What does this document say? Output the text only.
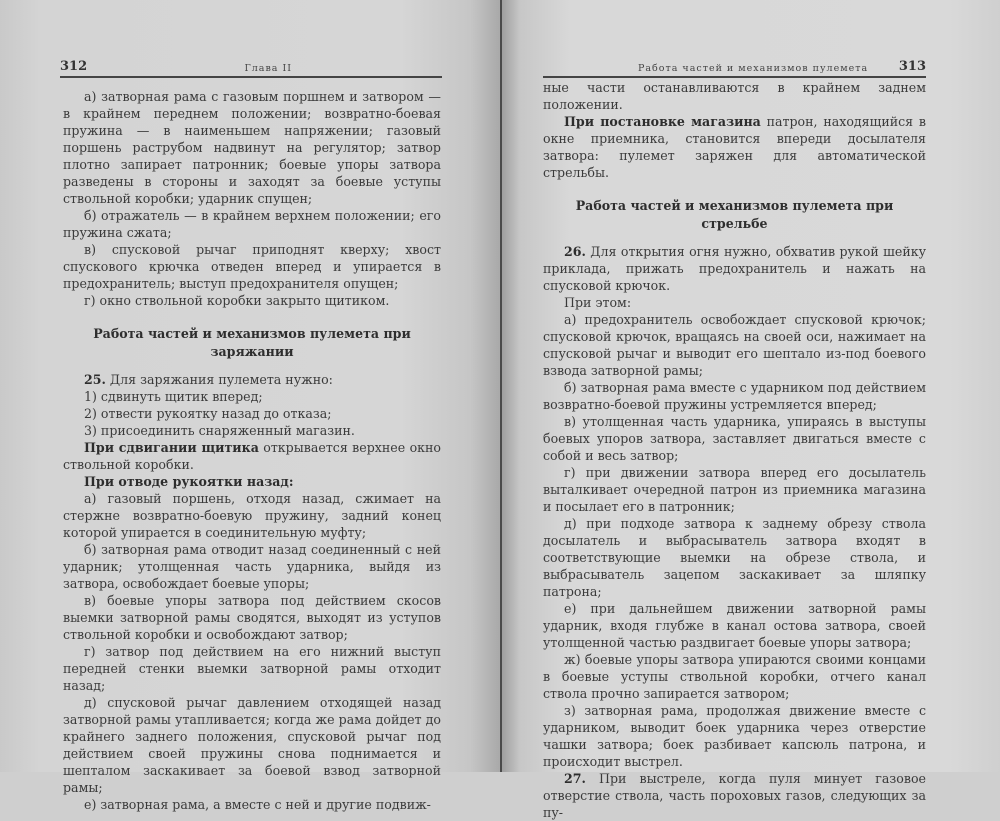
312	Глава II

а) затворная рама с газовым поршнем и затвором — в крайнем переднем положении; возвратно-боевая пружина — в наименьшем напряжении; газовый поршень раструбом надвинут на регулятор; затвор плотно запирает патронник; боевые упоры затвора разведены в стороны и заходят за боевые уступы ствольной коробки; ударник спущен;

б) отражатель — в крайнем верхнем положении; его пружина сжата;

в) спусковой рычаг приподнят кверху; хвост спускового крючка отведен вперед и упирается в предохранитель; выступ предохранителя опущен;

г) окно ствольной коробки закрыто щитиком.

Работа частей и механизмов пулемета при заряжании

25. Для заряжания пулемета нужно:

1) сдвинуть щитик вперед;

2) отвести рукоятку назад до отказа;

3) присоединить снаряженный магазин.

При сдвигании щитика открывается верхнее окно ствольной коробки.

При отводе рукоятки назад:

а) газовый поршень, отходя назад, сжимает на стержне возвратно-боевую пружину, задний конец которой упирается в соединительную муфту;

б) затворная рама отводит назад соединенный с ней ударник; утолщенная часть ударника, выйдя из затвора, освобождает боевые упоры;

в) боевые упоры затвора под действием скосов выемки затворной рамы сводятся, выходят из уступов ствольной коробки и освобождают затвор;

г) затвор под действием на его нижний выступ передней стенки выемки затворной рамы отходит назад;

д) спусковой рычаг давлением отходящей назад затворной рамы утапливается; когда же рама дойдет до крайнего заднего положения, спусковой рычаг под действием своей пружины снова поднимается и шепталом заскакивает за боевой взвод затворной рамы;

е) затворная рама, а вместе с ней и другие подвиж-

Работа частей и механизмов пулемета 313

ные части останавливаются в крайнем заднем положении.

При постановке магазина патрон, находящийся в окне приемника, становится впереди досылателя затвора: пулемет заряжен для автоматической стрельбы.

Работа частей и механизмов пулемета при стрельбе

26. Для открытия огня нужно, обхватив рукой шейку приклада, прижать предохранитель и нажать на спусковой крючок.

При этом:

а) предохранитель освобождает спусковой крючок; спусковой крючок, вращаясь на своей оси, нажимает на спусковой рычаг и выводит его шептало из-под боевого взвода затворной рамы;

б) затворная рама вместе с ударником под действием возвратно-боевой пружины устремляется вперед;

в) утолщенная часть ударника, упираясь в выступы боевых упоров затвора, заставляет двигаться вместе с собой и весь затвор;

г) при движении затвора вперед его досылатель выталкивает очередной патрон из приемника магазина и посылает его в патронник;

д) при подходе затвора к заднему обрезу ствола досылатель и выбрасыватель затвора входят в соответствующие выемки на обрезе ствола, и выбрасыватель зацепом заскакивает за шляпку патрона;

е) при дальнейшем движении затворной рамы ударник, входя глубже в канал остова затвора, своей утолщенной частью раздвигает боевые упоры затвора;

ж) боевые упоры затвора упираются своими концами в боевые уступы ствольной коробки, отчего канал ствола прочно запирается затвором;

з) затворная рама, продолжая движение вместе с ударником, выводит боек ударника через отверстие чашки затвора; боек разбивает капсюль патрона, и происходит выстрел.

27. При выстреле, когда пуля минует газовое отверстие ствола, часть пороховых газов, следующих за пу-
